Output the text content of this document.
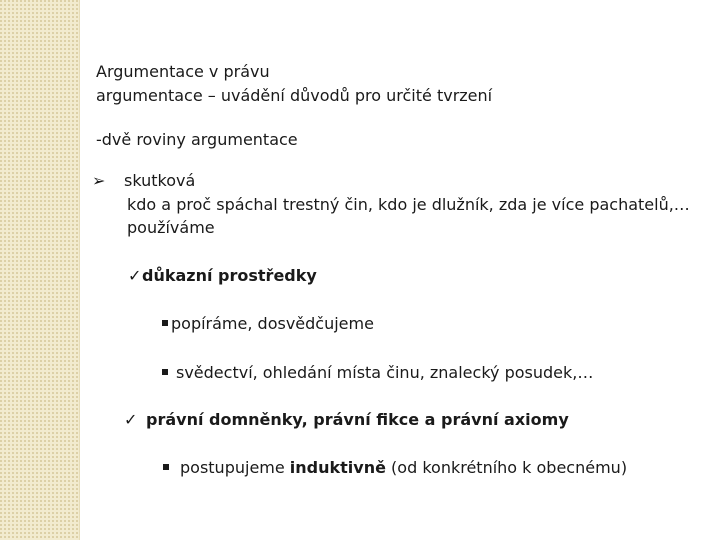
Argumentace v právu
argumentace – uvádění důvodů pro určité tvrzení
-dvě roviny argumentace
➢ skutková
kdo a proč spáchal trestný čin, kdo je dlužník, zda je více pachatelů,…
používáme
✓ důkazní prostředky
popíráme, dosvědčujeme
svědectví, ohledání místa činu, znalecký posudek,…
✓ právní domněnky, právní fikce a právní axiomy
postupujeme induktivně (od konkrétního k obecnému)
